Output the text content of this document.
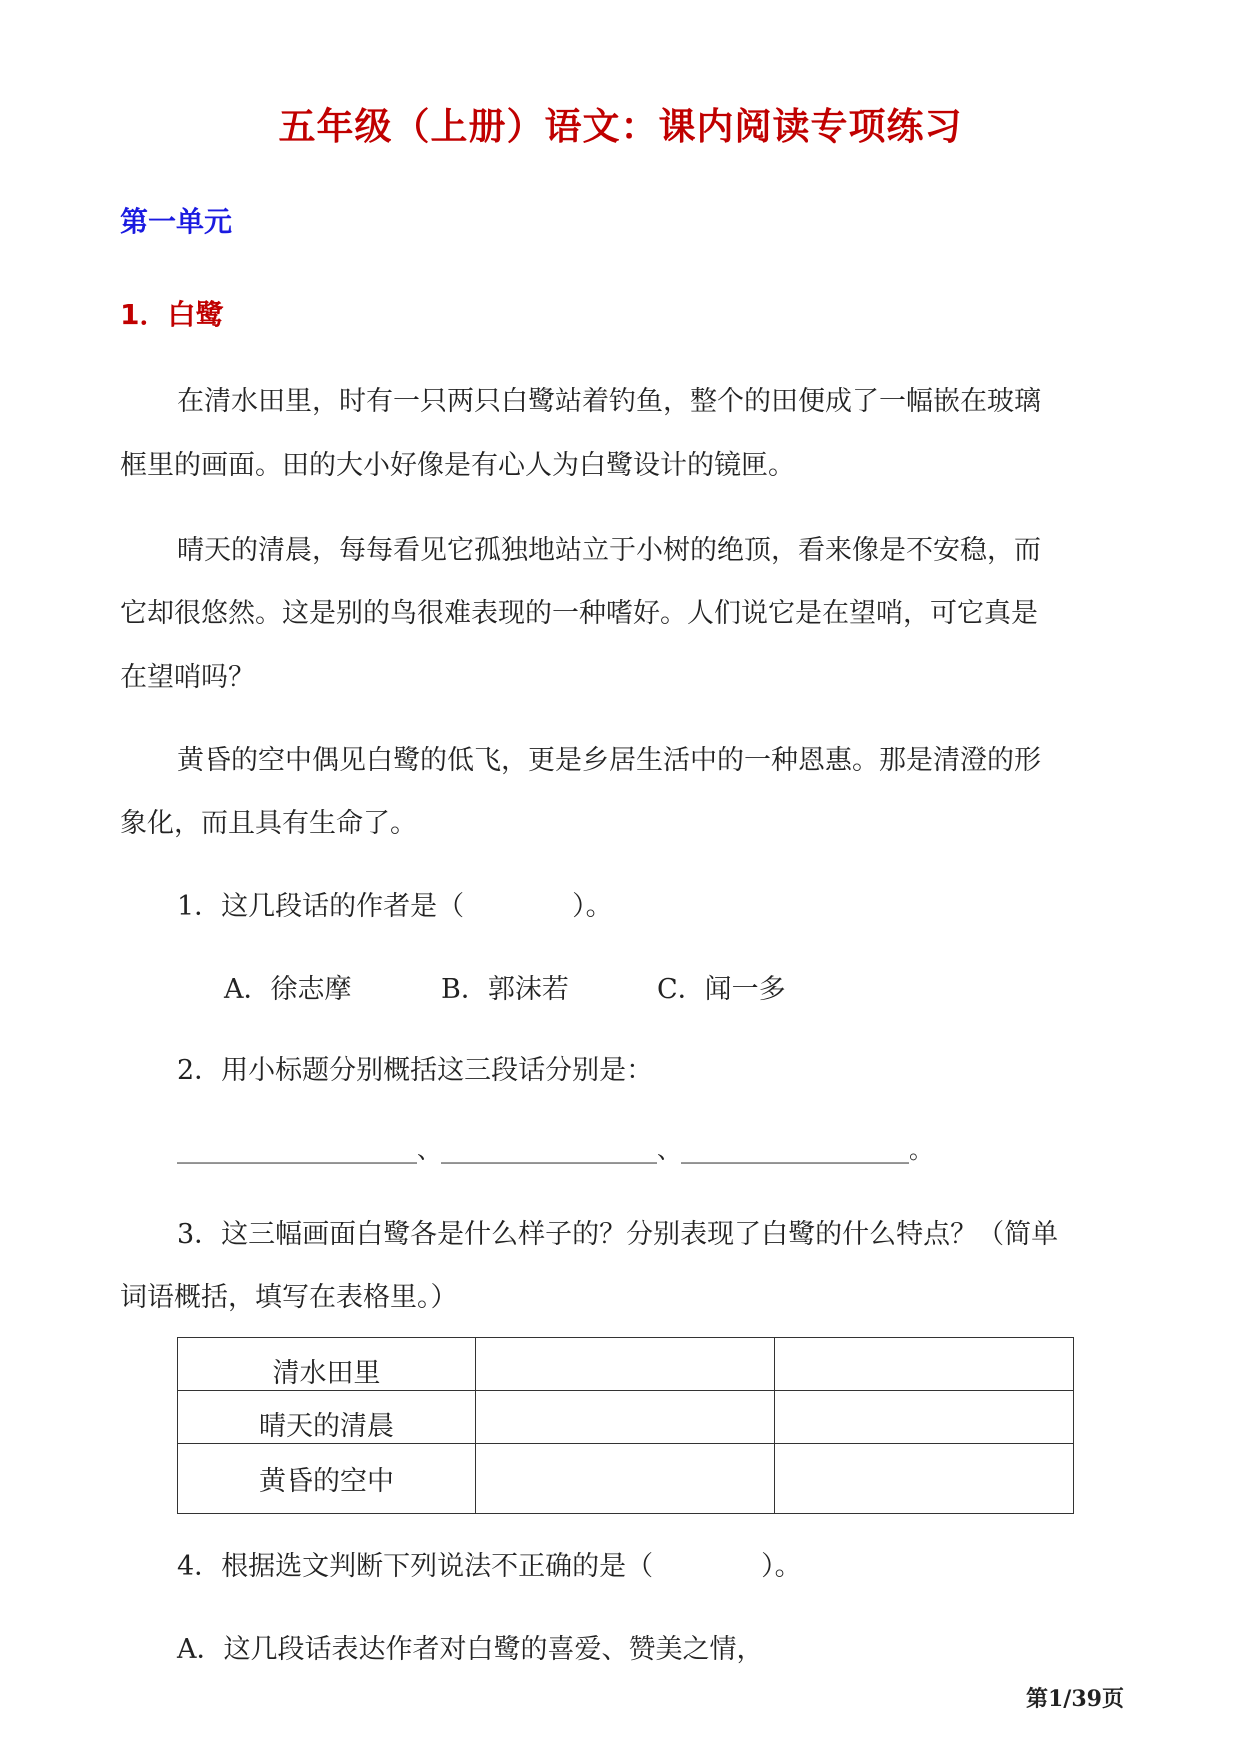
五年级（上册）语文：课内阅读专项练习
第一单元
1．白鹭
在清水田里，时有一只两只白鹭站着钓鱼，整个的田便成了一幅嵌在玻璃
框里的画面。田的大小好像是有心人为白鹭设计的镜匣。
晴天的清晨，每每看见它孤独地站立于小树的绝顶，看来像是不安稳，而
它却很悠然。这是别的鸟很难表现的一种嗜好。人们说它是在望哨，可它真是
在望哨吗？
黄昏的空中偶见白鹭的低飞，更是乡居生活中的一种恩惠。那是清澄的形
象化，而且具有生命了。
1．这几段话的作者是（　　　　）。
A．徐志摩	B．郭沫若	C．闻一多
2．用小标题分别概括这三段话分别是：
____________________、__________________、___________________。
3．这三幅画面白鹭各是什么样子的？分别表现了白鹭的什么特点？（简单
词语概括，填写在表格里。）
清水田里		
晴天的清晨		
黄昏的空中		
4．根据选文判断下列说法不正确的是（　　　　）。
A．这几段话表达作者对白鹭的喜爱、赞美之情，
第1/39页
